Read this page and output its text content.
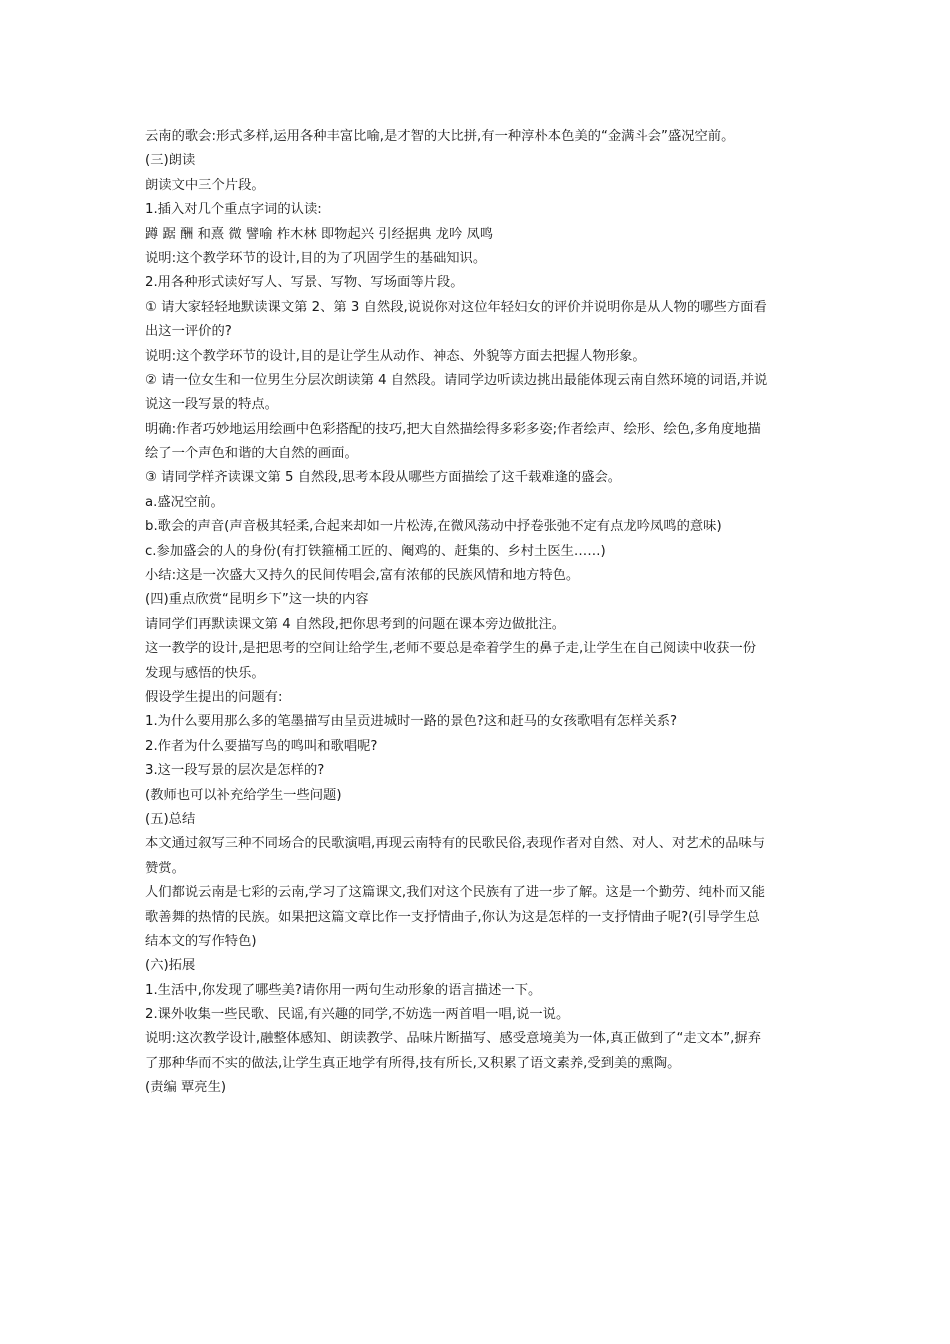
云南的歌会:形式多样,运用各种丰富比喻,是才智的大比拼,有一种淳朴本色美的“金满斗会”盛况空前。

(三)朗读

朗读文中三个片段。

1.插入对几个重点字词的认读:

蹲 踞 酬 和熹 微 譬喻 柞木林 即物起兴 引经据典 龙吟 凤鸣

说明:这个教学环节的设计,目的为了巩固学生的基础知识。

2.用各种形式读好写人、写景、写物、写场面等片段。

① 请大家轻轻地默读课文第 2、第 3 自然段,说说你对这位年轻妇女的评价并说明你是从人物的哪些方面看

出这一评价的?

说明:这个教学环节的设计,目的是让学生从动作、神态、外貌等方面去把握人物形象。

② 请一位女生和一位男生分层次朗读第 4 自然段。请同学边听读边挑出最能体现云南自然环境的词语,并说

说这一段写景的特点。

明确:作者巧妙地运用绘画中色彩搭配的技巧,把大自然描绘得多彩多姿;作者绘声、绘形、绘色,多角度地描

绘了一个声色和谐的大自然的画面。

③ 请同学样齐读课文第 5 自然段,思考本段从哪些方面描绘了这千载难逢的盛会。

a.盛况空前。

b.歌会的声音(声音极其轻柔,合起来却如一片松涛,在微风荡动中抒卷张弛不定有点龙吟凤鸣的意味)

c.参加盛会的人的身份(有打铁箍桶工匠的、阉鸡的、赶集的、乡村土医生……)

小结:这是一次盛大又持久的民间传唱会,富有浓郁的民族风情和地方特色。

(四)重点欣赏“昆明乡下”这一块的内容

请同学们再默读课文第 4 自然段,把你思考到的问题在课本旁边做批注。

这一教学的设计,是把思考的空间让给学生,老师不要总是牵着学生的鼻子走,让学生在自己阅读中收获一份

发现与感悟的快乐。

假设学生提出的问题有:

1.为什么要用那么多的笔墨描写由呈贡进城时一路的景色?这和赶马的女孩歌唱有怎样关系?

2.作者为什么要描写鸟的鸣叫和歌唱呢?

3.这一段写景的层次是怎样的?

(教师也可以补充给学生一些问题)

(五)总结

本文通过叙写三种不同场合的民歌演唱,再现云南特有的民歌民俗,表现作者对自然、对人、对艺术的品味与

赞赏。

人们都说云南是七彩的云南,学习了这篇课文,我们对这个民族有了进一步了解。这是一个勤劳、纯朴而又能

歌善舞的热情的民族。如果把这篇文章比作一支抒情曲子,你认为这是怎样的一支抒情曲子呢?(引导学生总

结本文的写作特色)

(六)拓展

1.生活中,你发现了哪些美?请你用一两句生动形象的语言描述一下。

2.课外收集一些民歌、民谣,有兴趣的同学,不妨选一两首唱一唱,说一说。

说明:这次教学设计,融整体感知、朗读教学、品味片断描写、感受意境美为一体,真正做到了“走文本”,摒弃

了那种华而不实的做法,让学生真正地学有所得,技有所长,又积累了语文素养,受到美的熏陶。

(责编 覃亮生)
